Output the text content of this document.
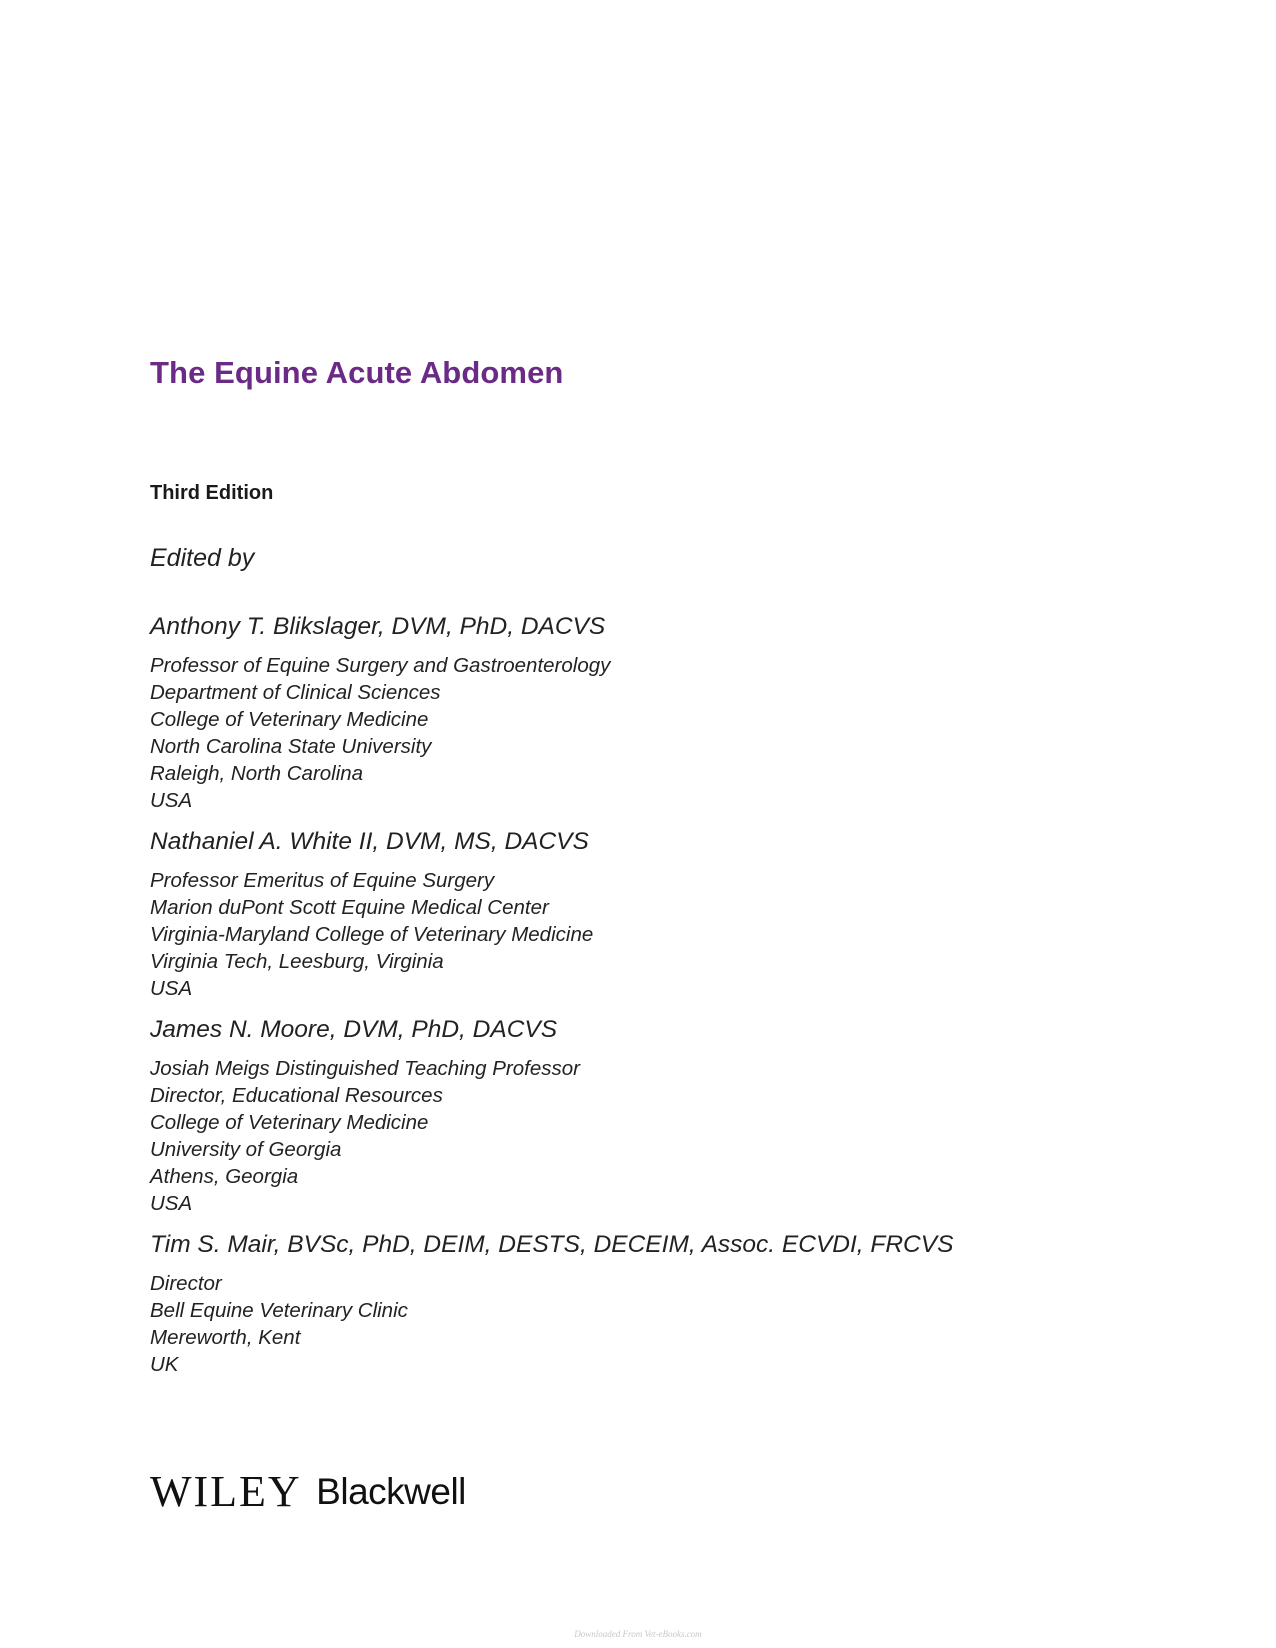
The Equine Acute Abdomen
Third Edition
Edited by
Anthony T. Blikslager, DVM, PhD, DACVS
Professor of Equine Surgery and Gastroenterology
Department of Clinical Sciences
College of Veterinary Medicine
North Carolina State University
Raleigh, North Carolina
USA
Nathaniel A. White II, DVM, MS, DACVS
Professor Emeritus of Equine Surgery
Marion duPont Scott Equine Medical Center
Virginia-Maryland College of Veterinary Medicine
Virginia Tech, Leesburg, Virginia
USA
James N. Moore, DVM, PhD, DACVS
Josiah Meigs Distinguished Teaching Professor
Director, Educational Resources
College of Veterinary Medicine
University of Georgia
Athens, Georgia
USA
Tim S. Mair, BVSc, PhD, DEIM, DESTS, DECEIM, Assoc. ECVDI, FRCVS
Director
Bell Equine Veterinary Clinic
Mereworth, Kent
UK
WILEY Blackwell
Downloaded From Vet-eBooks.com
